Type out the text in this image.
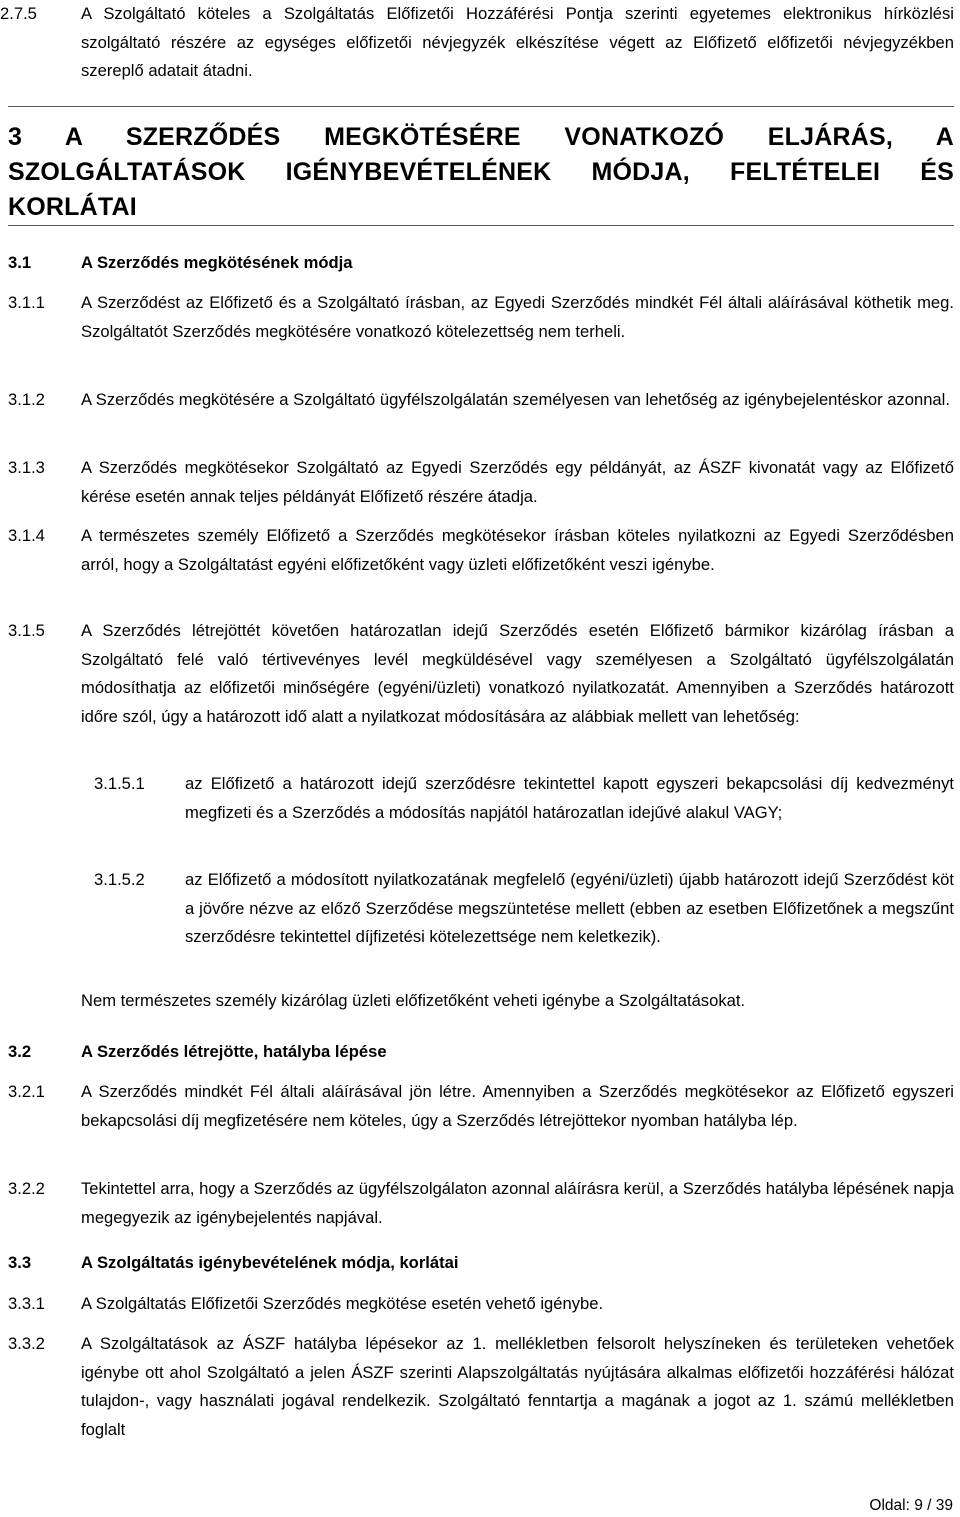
2.7.5	A Szolgáltató köteles a Szolgáltatás Előfizetői Hozzáférési Pontja szerinti egyetemes elektronikus hírközlési szolgáltató részére az egységes előfizetői névjegyzék elkészítése végett az Előfizető előfizetői névjegyzékben szereplő adatait átadni.
3 A SZERZŐDÉS MEGKÖTÉSÉRE VONATKOZÓ ELJÁRÁS, A SZOLGÁLTATÁSOK IGÉNYBEVÉTELÉNEK MÓDJA, FELTÉTELEI ÉS KORLÁTAI
3.1	A Szerződés megkötésének módja
3.1.1 A Szerződést az Előfizető és a Szolgáltató írásban, az Egyedi Szerződés mindkét Fél általi aláírásával köthetik meg. Szolgáltatót Szerződés megkötésére vonatkozó kötelezettség nem terheli.
3.1.2 A Szerződés megkötésére a Szolgáltató ügyfélszolgálatán személyesen van lehetőség az igénybejelentéskor azonnal.
3.1.3 A Szerződés megkötésekor Szolgáltató az Egyedi Szerződés egy példányát, az ÁSZF kivonatát vagy az Előfizető kérése esetén annak teljes példányát Előfizető részére átadja.
3.1.4 A természetes személy Előfizető a Szerződés megkötésekor írásban köteles nyilatkozni az Egyedi Szerződésben arról, hogy a Szolgáltatást egyéni előfizetőként vagy üzleti előfizetőként veszi igénybe.
3.1.5 A Szerződés létrejöttét követően határozatlan idejű Szerződés esetén Előfizető bármikor kizárólag írásban a Szolgáltató felé való tértivevényes levél megküldésével vagy személyesen a Szolgáltató ügyfélszolgálatán módosíthatja az előfizetői minőségére (egyéni/üzleti) vonatkozó nyilatkozatát. Amennyiben a Szerződés határozott időre szól, úgy a határozott idő alatt a nyilatkozat módosítására az alábbiak mellett van lehetőség:
3.1.5.1 az Előfizető a határozott idejű szerződésre tekintettel kapott egyszeri bekapcsolási díj kedvezményt megfizeti és a Szerződés a módosítás napjától határozatlan idejűvé alakul VAGY;
3.1.5.2 az Előfizető a módosított nyilatkozatának megfelelő (egyéni/üzleti) újabb határozott idejű Szerződést köt a jövőre nézve az előző Szerződése megszüntetése mellett (ebben az esetben Előfizetőnek a megszűnt szerződésre tekintettel díjfizetési kötelezettsége nem keletkezik).
Nem természetes személy kizárólag üzleti előfizetőként veheti igénybe a Szolgáltatásokat.
3.2	A Szerződés létrejötte, hatályba lépése
3.2.1 A Szerződés mindkét Fél általi aláírásával jön létre. Amennyiben a Szerződés megkötésekor az Előfizető egyszeri bekapcsolási díj megfizetésére nem köteles, úgy a Szerződés létrejöttekor nyomban hatályba lép.
3.2.2 Tekintettel arra, hogy a Szerződés az ügyfélszolgálaton azonnal aláírásra kerül, a Szerződés hatályba lépésének napja megegyezik az igénybejelentés napjával.
3.3	A Szolgáltatás igénybevételének módja, korlátai
3.3.1 A Szolgáltatás Előfizetői Szerződés megkötése esetén vehető igénybe.
3.3.2 A Szolgáltatások az ÁSZF hatályba lépésekor az 1. mellékletben felsorolt helyszíneken és területeken vehetőek igénybe ott ahol Szolgáltató a jelen ÁSZF szerinti Alapszolgáltatás nyújtására alkalmas előfizetői hozzáférési hálózat tulajdon-, vagy használati jogával rendelkezik. Szolgáltató fenntartja a magának a jogot az 1. számú mellékletben foglalt
Oldal: 9 / 39
